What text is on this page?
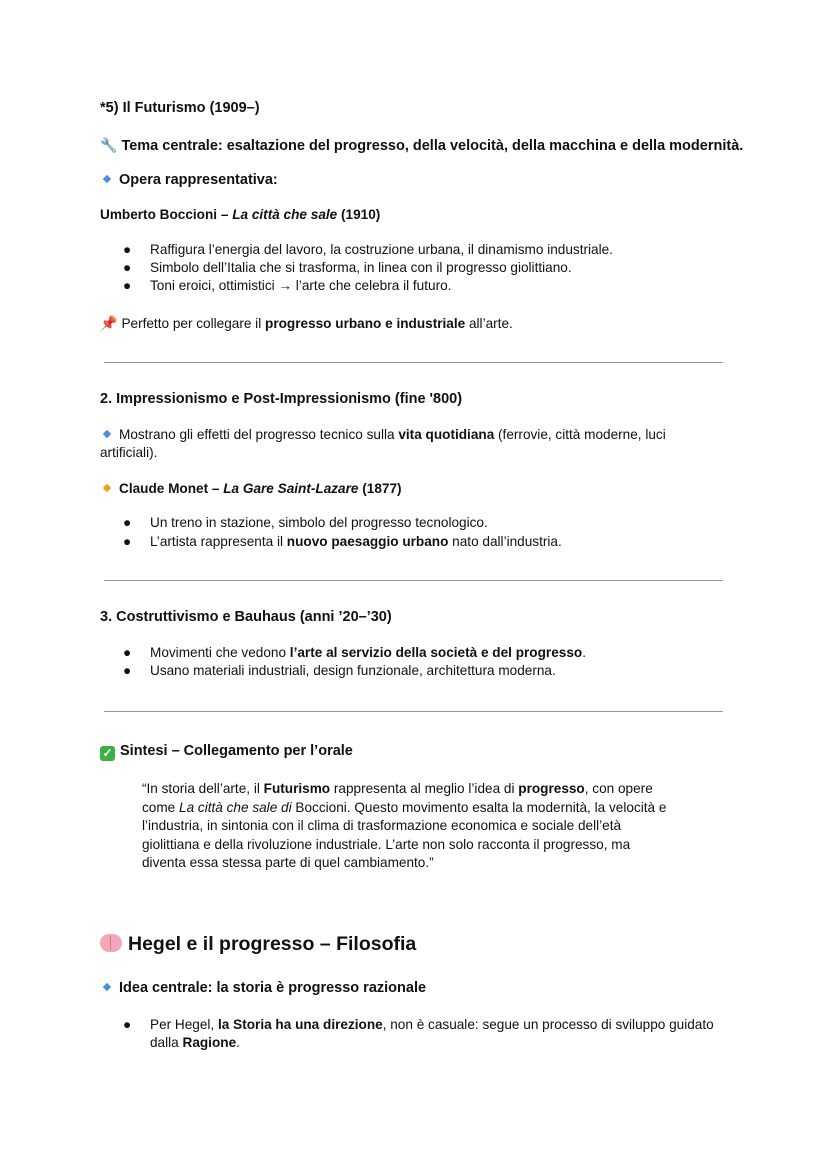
*5) Il Futurismo (1909–)
🔧 Tema centrale: esaltazione del progresso, della velocità, della macchina e della modernità.
Opera rappresentativa:
Umberto Boccioni – La città che sale (1910)
●	Raffigura l’energia del lavoro, la costruzione urbana, il dinamismo industriale.
●	Simbolo dell’Italia che si trasforma, in linea con il progresso giolittiano.
●	Toni eroici, ottimistici → l’arte che celebra il futuro.
📌 Perfetto per collegare il progresso urbano e industriale all’arte.
2. Impressionismo e Post-Impressionismo (fine '800)
Mostrano gli effetti del progresso tecnico sulla vita quotidiana (ferrovie, città moderne, luci
artificiali).
Claude Monet – La Gare Saint-Lazare (1877)
●	Un treno in stazione, simbolo del progresso tecnologico.
●	L’artista rappresenta il nuovo paesaggio urbano nato dall’industria.
3. Costruttivismo e Bauhaus (anni ’20–’30)
●	Movimenti che vedono l’arte al servizio della società e del progresso.
●	Usano materiali industriali, design funzionale, architettura moderna.
✓ Sintesi – Collegamento per l’orale
“In storia dell’arte, il Futurismo rappresenta al meglio l’idea di progresso, con opere
come La città che sale di Boccioni. Questo movimento esalta la modernità, la velocità e
l’industria, in sintonia con il clima di trasformazione economica e sociale dell’età
giolittiana e della rivoluzione industriale. L’arte non solo racconta il progresso, ma
diventa essa stessa parte di quel cambiamento.”
Hegel e il progresso – Filosofia
Idea centrale: la storia è progresso razionale
●	Per Hegel, la Storia ha una direzione, non è casuale: segue un processo di sviluppo guidato
dalla Ragione.
